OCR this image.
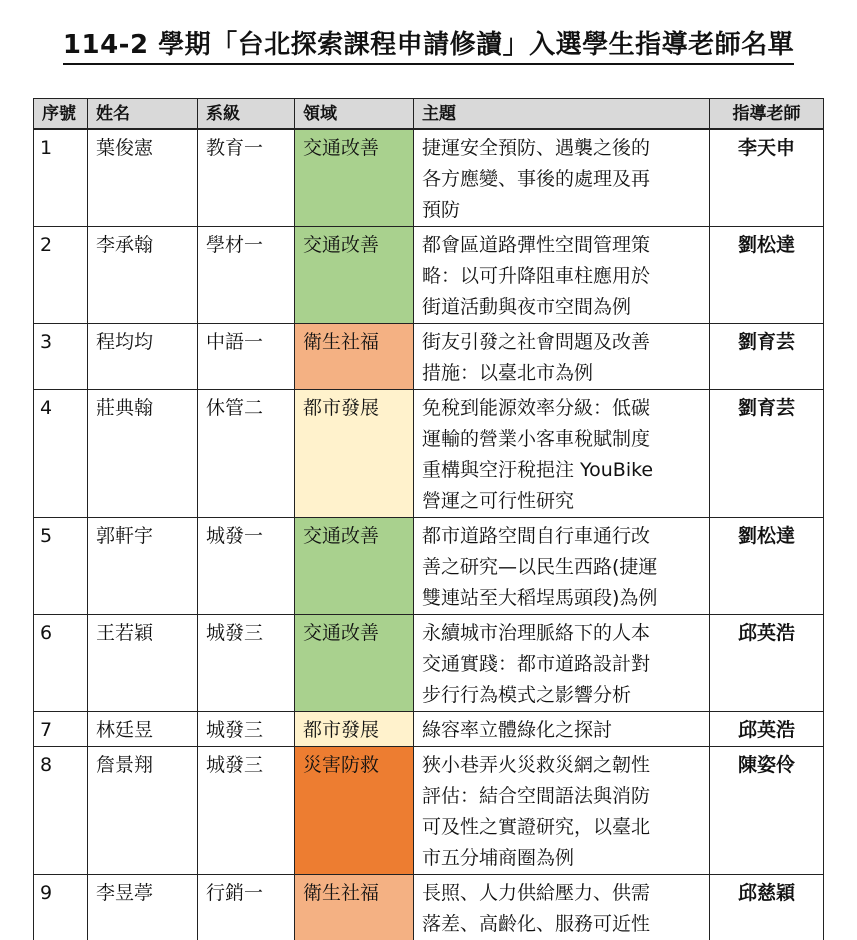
114-2 學期「台北探索課程申請修讀」入選學生指導老師名單
序號	姓名	系級	領域	主題	指導老師
1	葉俊憲	教育一	交通改善	捷運安全預防、遇襲之後的
各方應變、事後的處理及再
預防	李天申
2	李承翰	學材一	交通改善	都會區道路彈性空間管理策
略：以可升降阻車柱應用於
街道活動與夜市空間為例	劉松達
3	程均均	中語一	衛生社福	街友引發之社會問題及改善
措施：以臺北市為例	劉育芸
4	莊典翰	休管二	都市發展	免稅到能源效率分級：低碳
運輸的營業小客車稅賦制度
重構與空汙稅挹注 YouBike
營運之可行性研究	劉育芸
5	郭軒宇	城發一	交通改善	都市道路空間自行車通行改
善之研究—以民生西路(捷運
雙連站至大稻埕馬頭段)為例	劉松達
6	王若穎	城發三	交通改善	永續城市治理脈絡下的人本
交通實踐：都市道路設計對
步行行為模式之影響分析	邱英浩
7	林廷昱	城發三	都市發展	綠容率立體綠化之探討	邱英浩
8	詹景翔	城發三	災害防救	狹小巷弄火災救災網之韌性
評估：結合空間語法與消防
可及性之實證研究，以臺北
市五分埔商圈為例	陳姿伶
9	李昱葶	行銷一	衛生社福	長照、人力供給壓力、供需
落差、高齡化、服務可近性	邱慈穎
